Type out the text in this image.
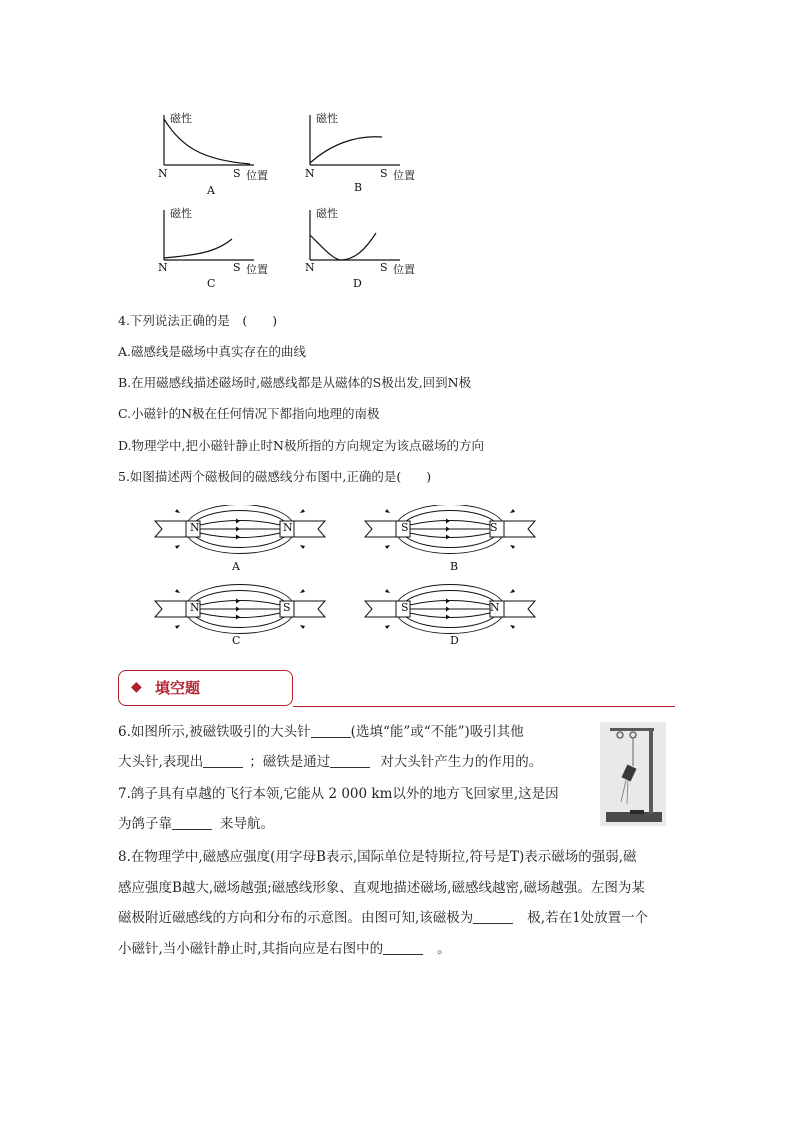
磁性
N	S 位置
A
磁性
N	S 位置
B
磁性
N	S 位置
C
磁性
N	S 位置
D
4.下列说法正确的是　(　　)
A.磁感线是磁场中真实存在的曲线
B.在用磁感线描述磁场时,磁感线都是从磁体的S极出发,回到N极
C.小磁针的N极在任何情况下都指向地理的南极
D.物理学中,把小磁针静止时N极所指的方向规定为该点磁场的方向
5.如图描述两个磁极间的磁感线分布图中,正确的是(　　)
N	N
A
S	S
B
N	S
C
S	N
D
◆ 填空题
6.如图所示,被磁铁吸引的大头针	(选填“能”或“不能”)吸引其他
大头针,表现出	；磁铁是通过	对大头针产生力的作用的。
7.鸽子具有卓越的飞行本领,它能从 2 000 km以外的地方飞回家里,这是因
为鸽子靠	来导航。
8.在物理学中,磁感应强度(用字母B表示,国际单位是特斯拉,符号是T)表示磁场的强弱,磁
感应强度B越大,磁场越强;磁感线形象、直观地描述磁场,磁感线越密,磁场越强。左图为某
磁极附近磁感线的方向和分布的示意图。由图可知,该磁极为	极,若在1处放置一个
小磁针,当小磁针静止时,其指向应是右图中的	。
